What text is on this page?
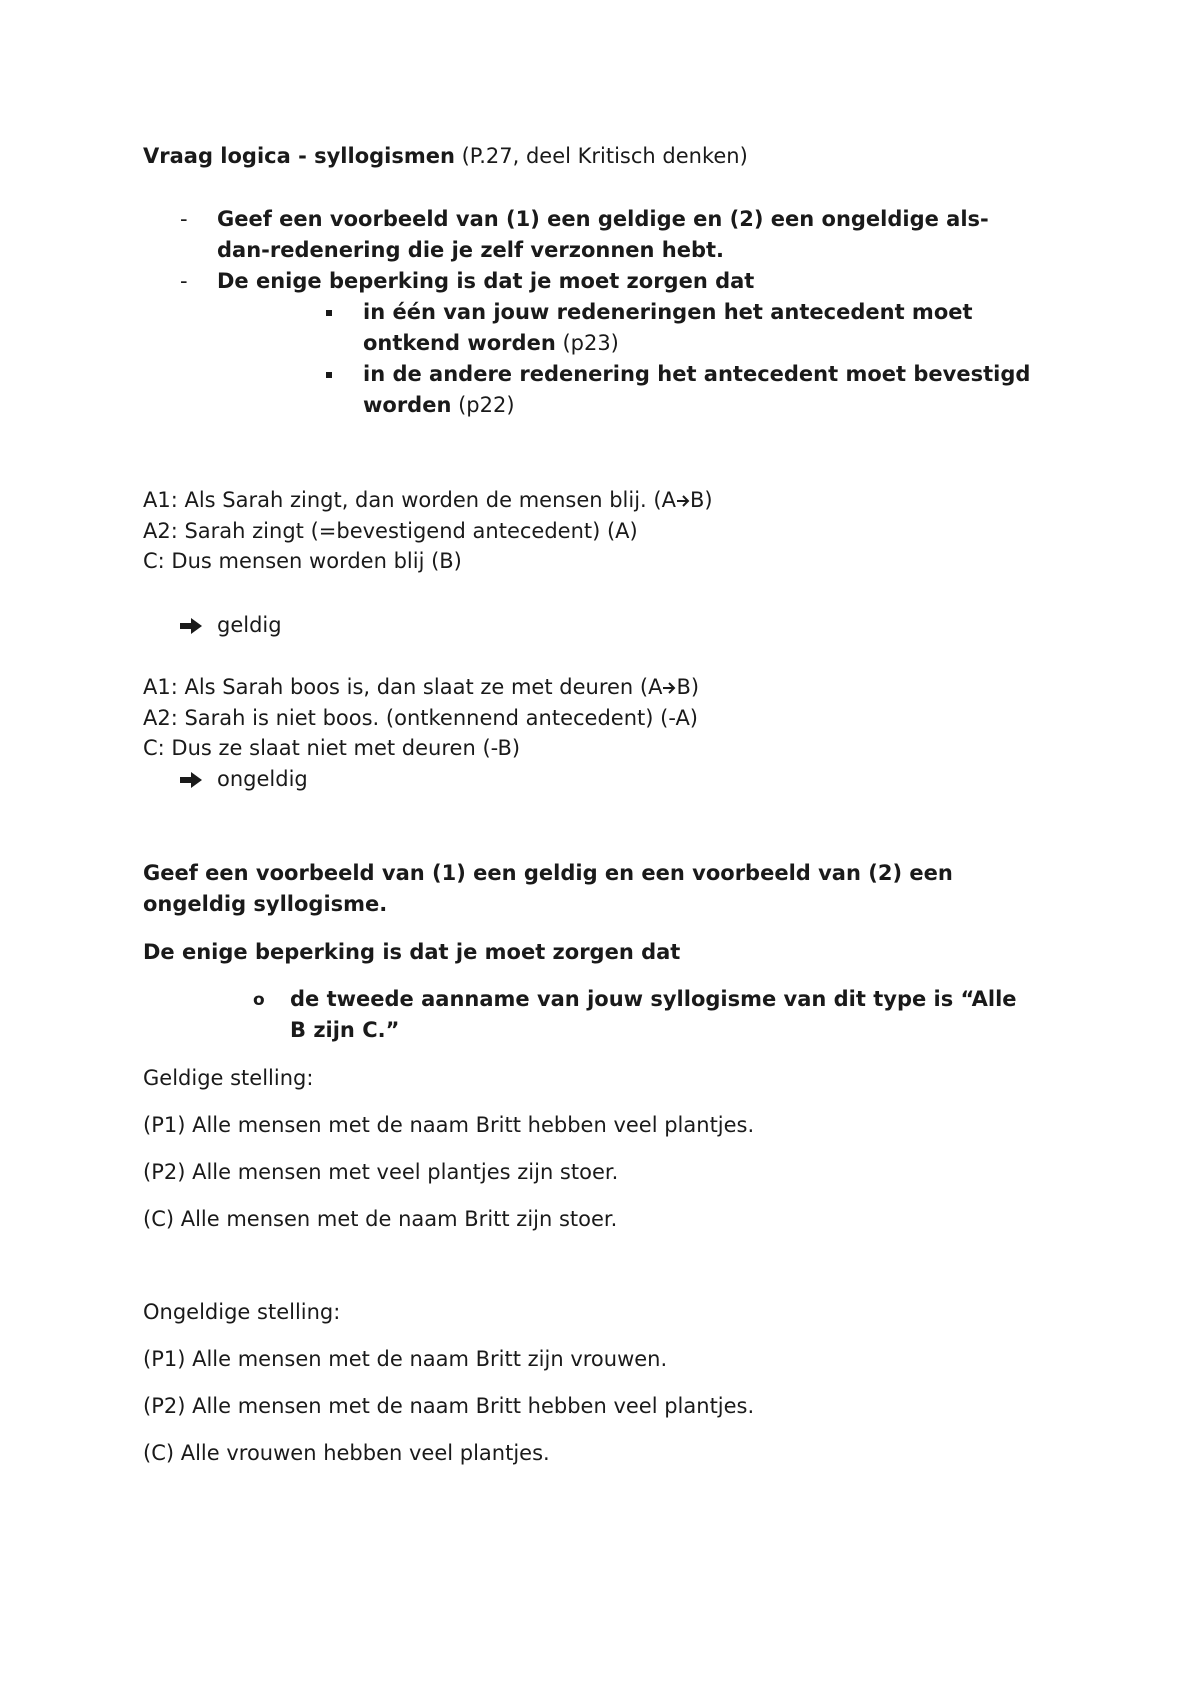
Vraag logica - syllogismen (P.27, deel Kritisch denken)
- Geef een voorbeeld van (1) een geldige en (2) een ongeldige als-
dan-redenering die je zelf verzonnen hebt.
- De enige beperking is dat je moet zorgen dat
in één van jouw redeneringen het antecedent moet
ontkend worden (p23)
in de andere redenering het antecedent moet bevestigd
worden (p22)
A1: Als Sarah zingt, dan worden de mensen blij. (A B)
A2: Sarah zingt (=bevestigend antecedent) (A)
C: Dus mensen worden blij (B)
geldig
A1: Als Sarah boos is, dan slaat ze met deuren (A B)
A2: Sarah is niet boos. (ontkennend antecedent) (-A)
C: Dus ze slaat niet met deuren (-B)
ongeldig
Geef een voorbeeld van (1) een geldig en een voorbeeld van (2) een
ongeldig syllogisme.
De enige beperking is dat je moet zorgen dat
o de tweede aanname van jouw syllogisme van dit type is “Alle
B zijn C.”
Geldige stelling:
(P1) Alle mensen met de naam Britt hebben veel plantjes.
(P2) Alle mensen met veel plantjes zijn stoer.
(C) Alle mensen met de naam Britt zijn stoer.
Ongeldige stelling:
(P1) Alle mensen met de naam Britt zijn vrouwen.
(P2) Alle mensen met de naam Britt hebben veel plantjes.
(C) Alle vrouwen hebben veel plantjes.
